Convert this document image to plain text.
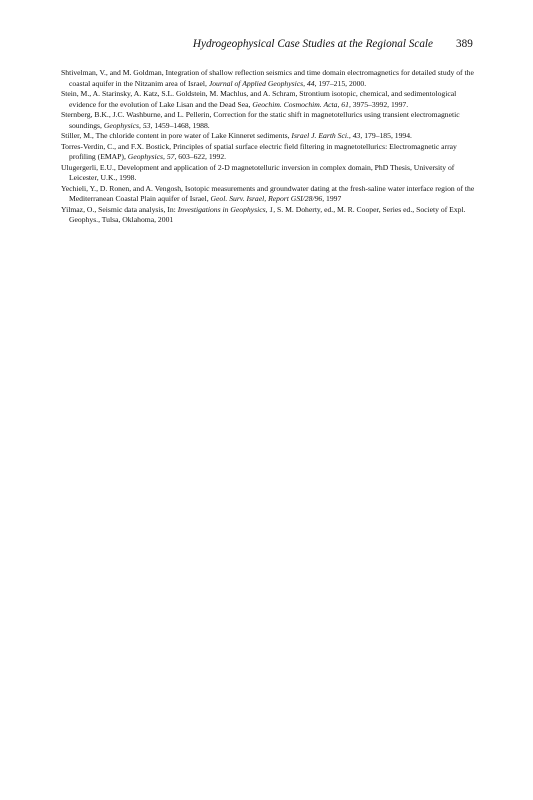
Hydrogeophysical Case Studies at the Regional Scale 389

Shtivelman, V., and M. Goldman, Integration of shallow reflection seismics and time domain electromagnetics for detailed study of the coastal aquifer in the Nitzanim area of Israel, Journal of Applied Geophysics, 44, 197–215, 2000.

Stein, M., A. Starinsky, A. Katz, S.L. Goldstein, M. Machlus, and A. Schram, Strontium isotopic, chemical, and sedimentological evidence for the evolution of Lake Lisan and the Dead Sea, Geochim. Cosmochim. Acta, 61, 3975–3992, 1997.

Sternberg, B.K., J.C. Washburne, and L. Pellerin, Correction for the static shift in magnetotellurics using transient electromagnetic soundings, Geophysics, 53, 1459–1468, 1988.

Stiller, M., The chloride content in pore water of Lake Kinneret sediments, Israel J. Earth Sci., 43, 179–185, 1994.

Torres-Verdin, C., and F.X. Bostick, Principles of spatial surface electric field filtering in magnetotellurics: Electromagnetic array profiling (EMAP), Geophysics, 57, 603–622, 1992.

Ulugergerli, E.U., Development and application of 2-D magnetotelluric inversion in complex domain, PhD Thesis, University of Leicester, U.K., 1998.

Yechieli, Y., D. Ronen, and A. Vengosh, Isotopic measurements and groundwater dating at the fresh-saline water interface region of the Mediterranean Coastal Plain aquifer of Israel, Geol. Surv. Israel, Report GSI/28/96, 1997

Yilmaz, O., Seismic data analysis, In: Investigations in Geophysics, 1, S. M. Doherty, ed., M. R. Cooper, Series ed., Society of Expl. Geophys., Tulsa, Oklahoma, 2001
